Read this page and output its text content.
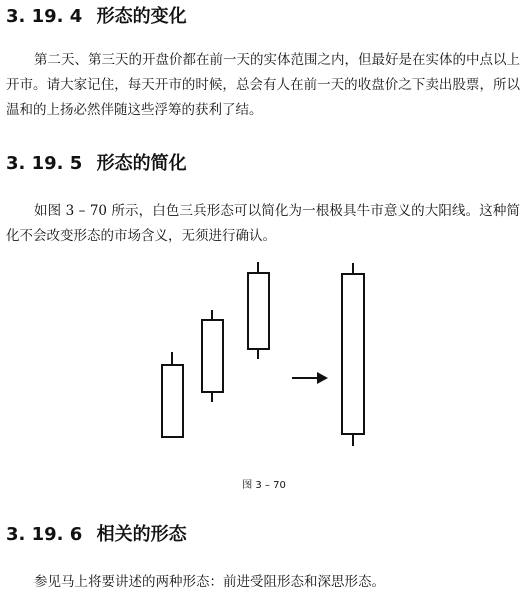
3. 19. 4 形态的变化
第二天、第三天的开盘价都在前一天的实体范围之内，但最好是在实体的中点以上开市。请大家记住，每天开市的时候，总会有人在前一天的收盘价之下卖出股票，所以温和的上扬必然伴随这些浮筹的获利了结。
3. 19. 5 形态的简化
如图 3 – 70 所示，白色三兵形态可以简化为一根极具牛市意义的大阳线。这种简化不会改变形态的市场含义，无须进行确认。
图 3 – 70
3. 19. 6 相关的形态
参见马上将要讲述的两种形态：前进受阻形态和深思形态。
